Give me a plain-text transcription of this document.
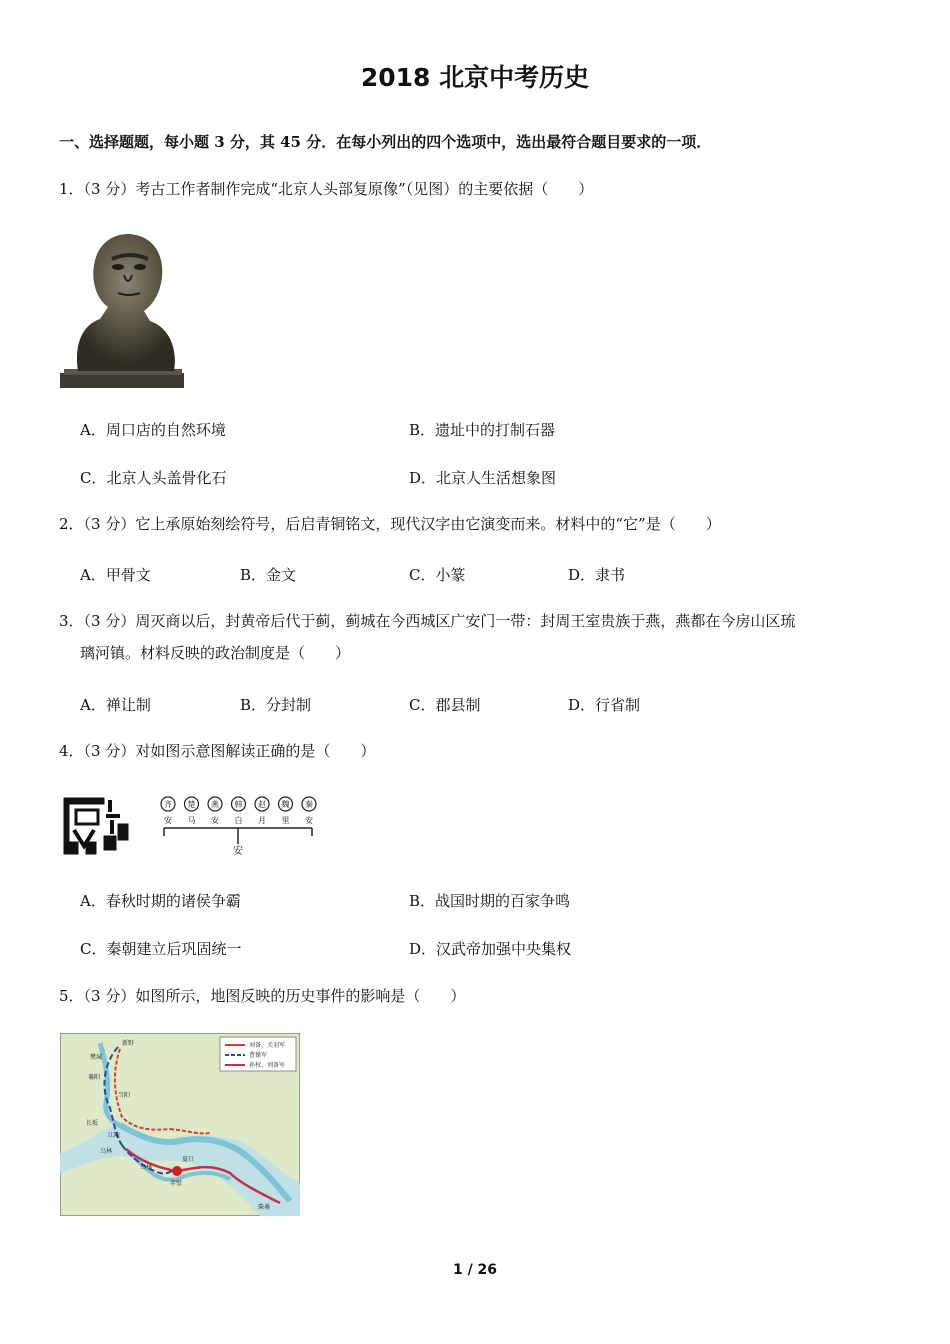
2018 北京中考历史
一、选择题题，每小题 3 分，其 45 分．在每小列出的四个选项中，选出最符合题目要求的一项．
1．（3 分）考古工作者制作完成“北京人头部复原像”（见图）的主要依据（　　）
A．周口店的自然环境	B．遗址中的打制石器
C．北京人头盖骨化石	D．北京人生活想象图
2．（3 分）它上承原始刻绘符号，后启青铜铭文，现代汉字由它演变而来。材料中的“它”是（　　）
A．甲骨文	B．金文	C．小篆	D．隶书
3．（3 分）周灭商以后，封黄帝后代于蓟，蓟城在今西城区广安门一带：封周王室贵族于燕，燕都在今房山区琉
璃河镇。材料反映的政治制度是（　　）
A．禅让制	B．分封制	C．郡县制	D．行省制
4．（3 分）对如图示意图解读正确的是（　　）
齐 楚 燕 韩 赵 魏 秦
安 马 安 白 月 里 安
安
A．春秋时期的诸侯争霸	B．战国时期的百家争鸣
C．秦朝建立后巩固统一	D．汉武帝加强中央集权
5．（3 分）如图所示，地图反映的历史事件的影响是（　　）
刘备、关羽军
曹操军
孙权、刘备军
新野
樊城
襄阳
当阳
长坂
江陵
乌林
乌林
赤壁
夏口
柴桑
1 / 26
